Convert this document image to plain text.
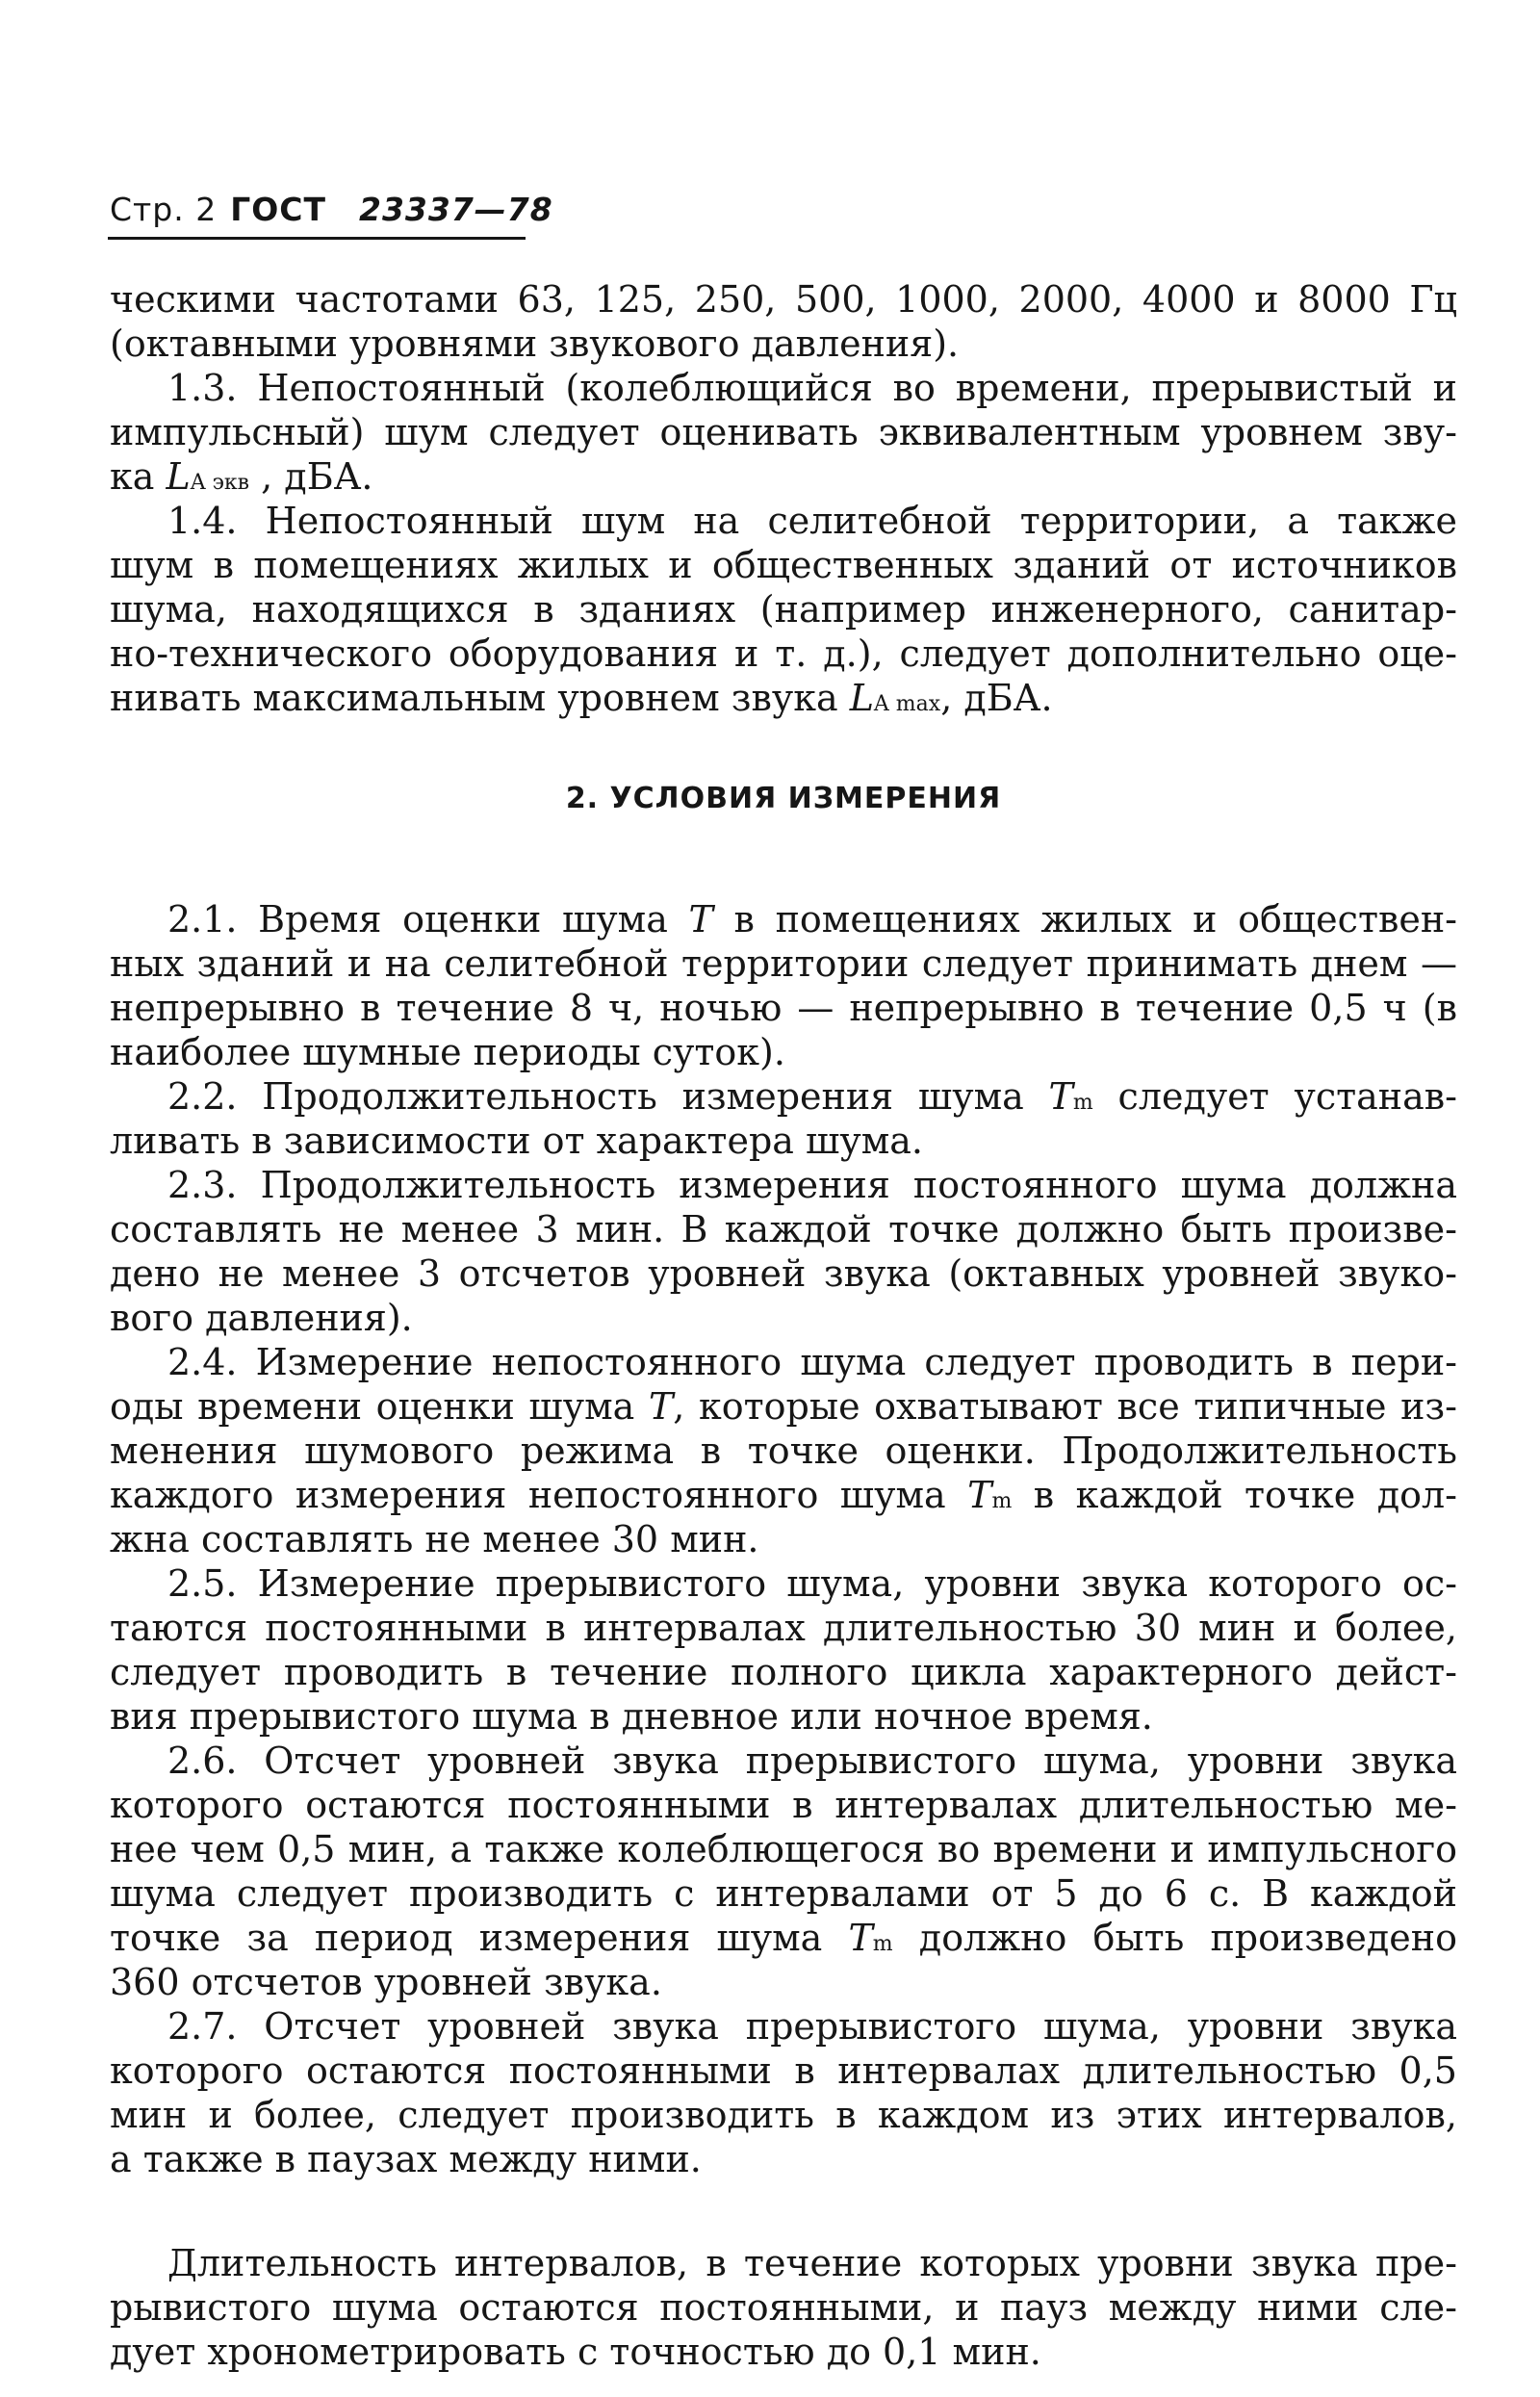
Стр. 2 ГОСТ 23337—78
ческими частотами 63, 125, 250, 500, 1000, 2000, 4000 и 8000 Гц
(октавными уровнями звукового давления).
1.3. Непостоянный (колеблющийся во времени, прерывистый и
импульсный) шум следует оценивать эквивалентным уровнем зву-
ка LA экв , дБА.
1.4. Непостоянный шум на селитебной территории, а также
шум в помещениях жилых и общественных зданий от источников
шума, находящихся в зданиях (например инженерного, санитар-
но-технического оборудования и т. д.), следует дополнительно оце-
нивать максимальным уровнем звука LA max, дБА.
2. УСЛОВИЯ ИЗМЕРЕНИЯ
2.1. Время оценки шума T в помещениях жилых и обществен-
ных зданий и на селитебной территории следует принимать днем —
непрерывно в течение 8 ч, ночью — непрерывно в течение 0,5 ч (в
наиболее шумные периоды суток).
2.2. Продолжительность измерения шума Tm следует устанав-
ливать в зависимости от характера шума.
2.3. Продолжительность измерения постоянного шума должна
составлять не менее 3 мин. В каждой точке должно быть произве-
дено не менее 3 отсчетов уровней звука (октавных уровней звуко-
вого давления).
2.4. Измерение непостоянного шума следует проводить в пери-
оды времени оценки шума T, которые охватывают все типичные из-
менения шумового режима в точке оценки. Продолжительность
каждого измерения непостоянного шума Tm в каждой точке дол-
жна составлять не менее 30 мин.
2.5. Измерение прерывистого шума, уровни звука которого ос-
таются постоянными в интервалах длительностью 30 мин и более,
следует проводить в течение полного цикла характерного дейст-
вия прерывистого шума в дневное или ночное время.
2.6. Отсчет уровней звука прерывистого шума, уровни звука
которого остаются постоянными в интервалах длительностью ме-
нее чем 0,5 мин, а также колеблющегося во времени и импульсного
шума следует производить с интервалами от 5 до 6 с. В каждой
точке за период измерения шума Tm должно быть произведено
360 отсчетов уровней звука.
2.7. Отсчет уровней звука прерывистого шума, уровни звука
которого остаются постоянными в интервалах длительностью 0,5
мин и более, следует производить в каждом из этих интервалов,
а также в паузах между ними.
Длительность интервалов, в течение которых уровни звука пре-
рывистого шума остаются постоянными, и пауз между ними сле-
дует хронометрировать с точностью до 0,1 мин.
